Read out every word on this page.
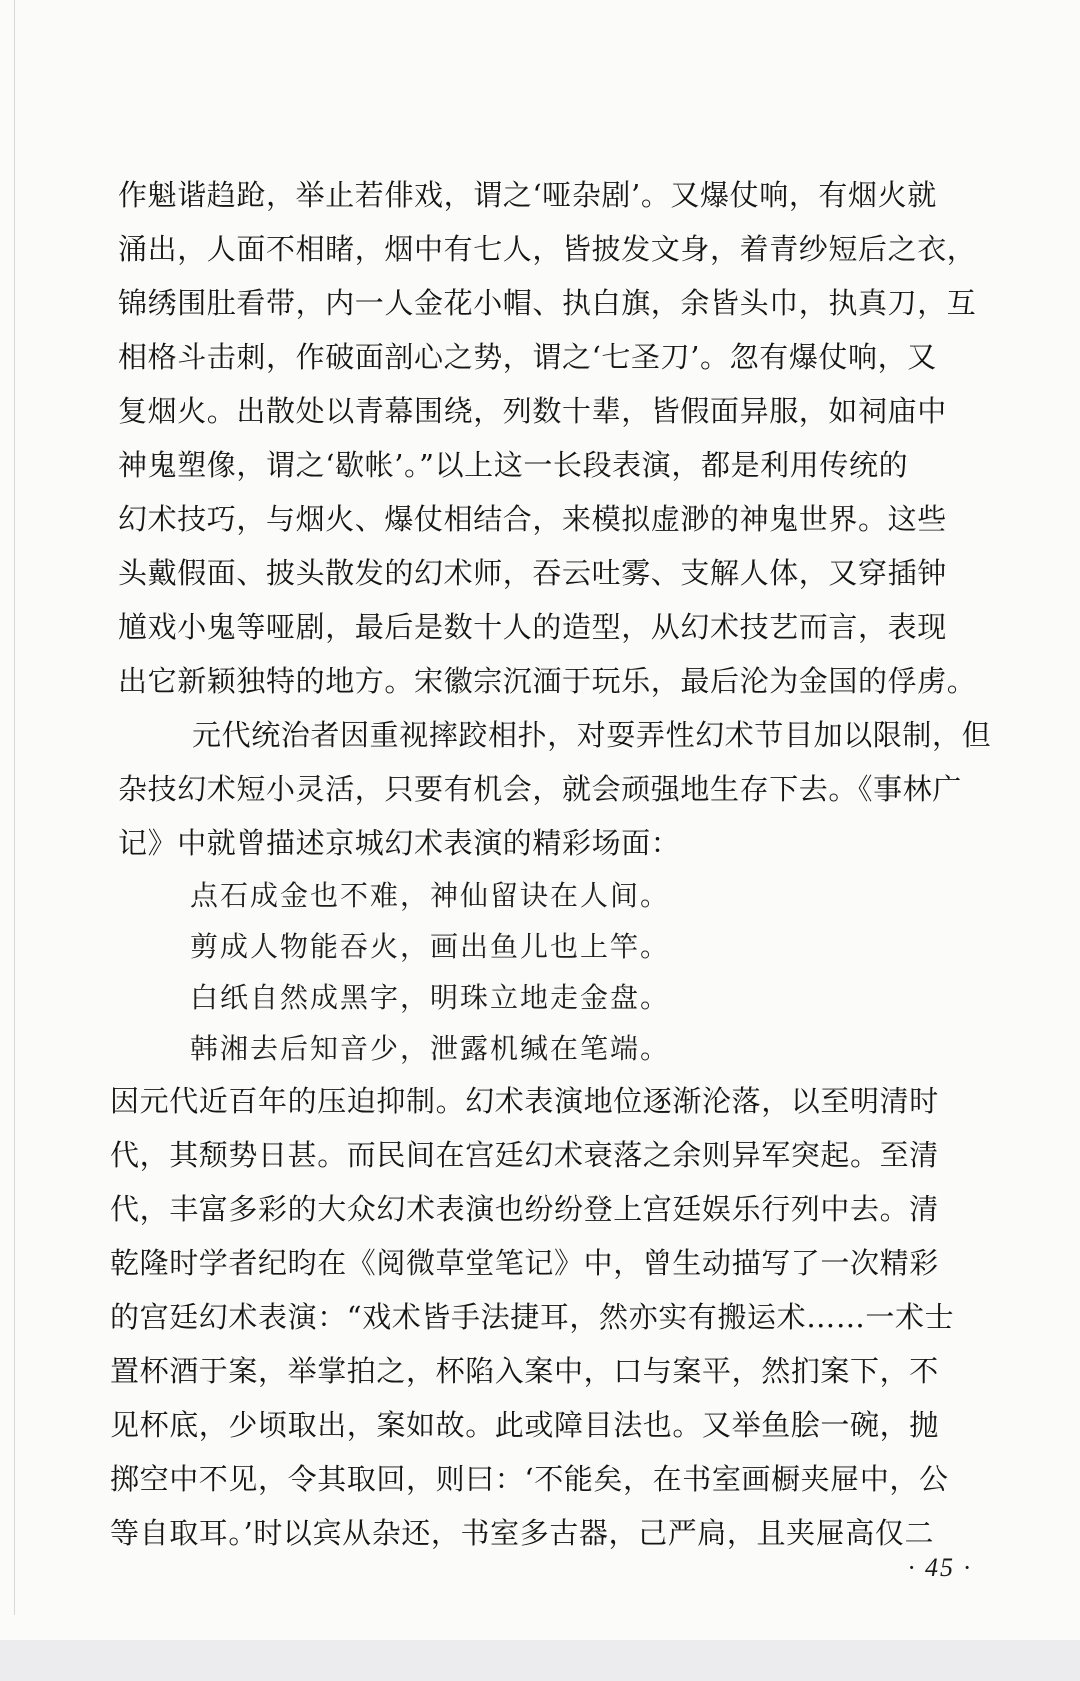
作魁谐趋跄，举止若俳戏，谓之‘哑杂剧’。又爆仗响，有烟火就
涌出，人面不相睹，烟中有七人，皆披发文身，着青纱短后之衣，
锦绣围肚看带，内一人金花小帽、执白旗，余皆头巾，执真刀，互
相格斗击刺，作破面剖心之势，谓之‘七圣刀’。忽有爆仗响，又
复烟火。出散处以青幕围绕，列数十辈，皆假面异服，如祠庙中
神鬼塑像，谓之‘歇帐’。”以上这一长段表演，都是利用传统的
幻术技巧，与烟火、爆仗相结合，来模拟虚渺的神鬼世界。这些
头戴假面、披头散发的幻术师，吞云吐雾、支解人体，又穿插钟
馗戏小鬼等哑剧，最后是数十人的造型，从幻术技艺而言，表现
出它新颖独特的地方。宋徽宗沉湎于玩乐，最后沦为金国的俘虏。
元代统治者因重视摔跤相扑，对耍弄性幻术节目加以限制，但
杂技幻术短小灵活，只要有机会，就会顽强地生存下去。《事林广
记》中就曾描述京城幻术表演的精彩场面：
点石成金也不难，神仙留诀在人间。
剪成人物能吞火，画出鱼儿也上竿。
白纸自然成黑字，明珠立地走金盘。
韩湘去后知音少，泄露机缄在笔端。
因元代近百年的压迫抑制。幻术表演地位逐渐沦落，以至明清时
代，其颓势日甚。而民间在宫廷幻术衰落之余则异军突起。至清
代，丰富多彩的大众幻术表演也纷纷登上宫廷娱乐行列中去。清
乾隆时学者纪昀在《阅微草堂笔记》中，曾生动描写了一次精彩
的宫廷幻术表演：“戏术皆手法捷耳，然亦实有搬运术……一术士
置杯酒于案，举掌拍之，杯陷入案中，口与案平，然扪案下，不
见杯底，少顷取出，案如故。此或障目法也。又举鱼脍一碗，抛
掷空中不见，令其取回，则曰：‘不能矣，在书室画橱夹屉中，公
等自取耳。’时以宾从杂还，书室多古器，己严扃，且夹屉高仅二
· 45 ·
